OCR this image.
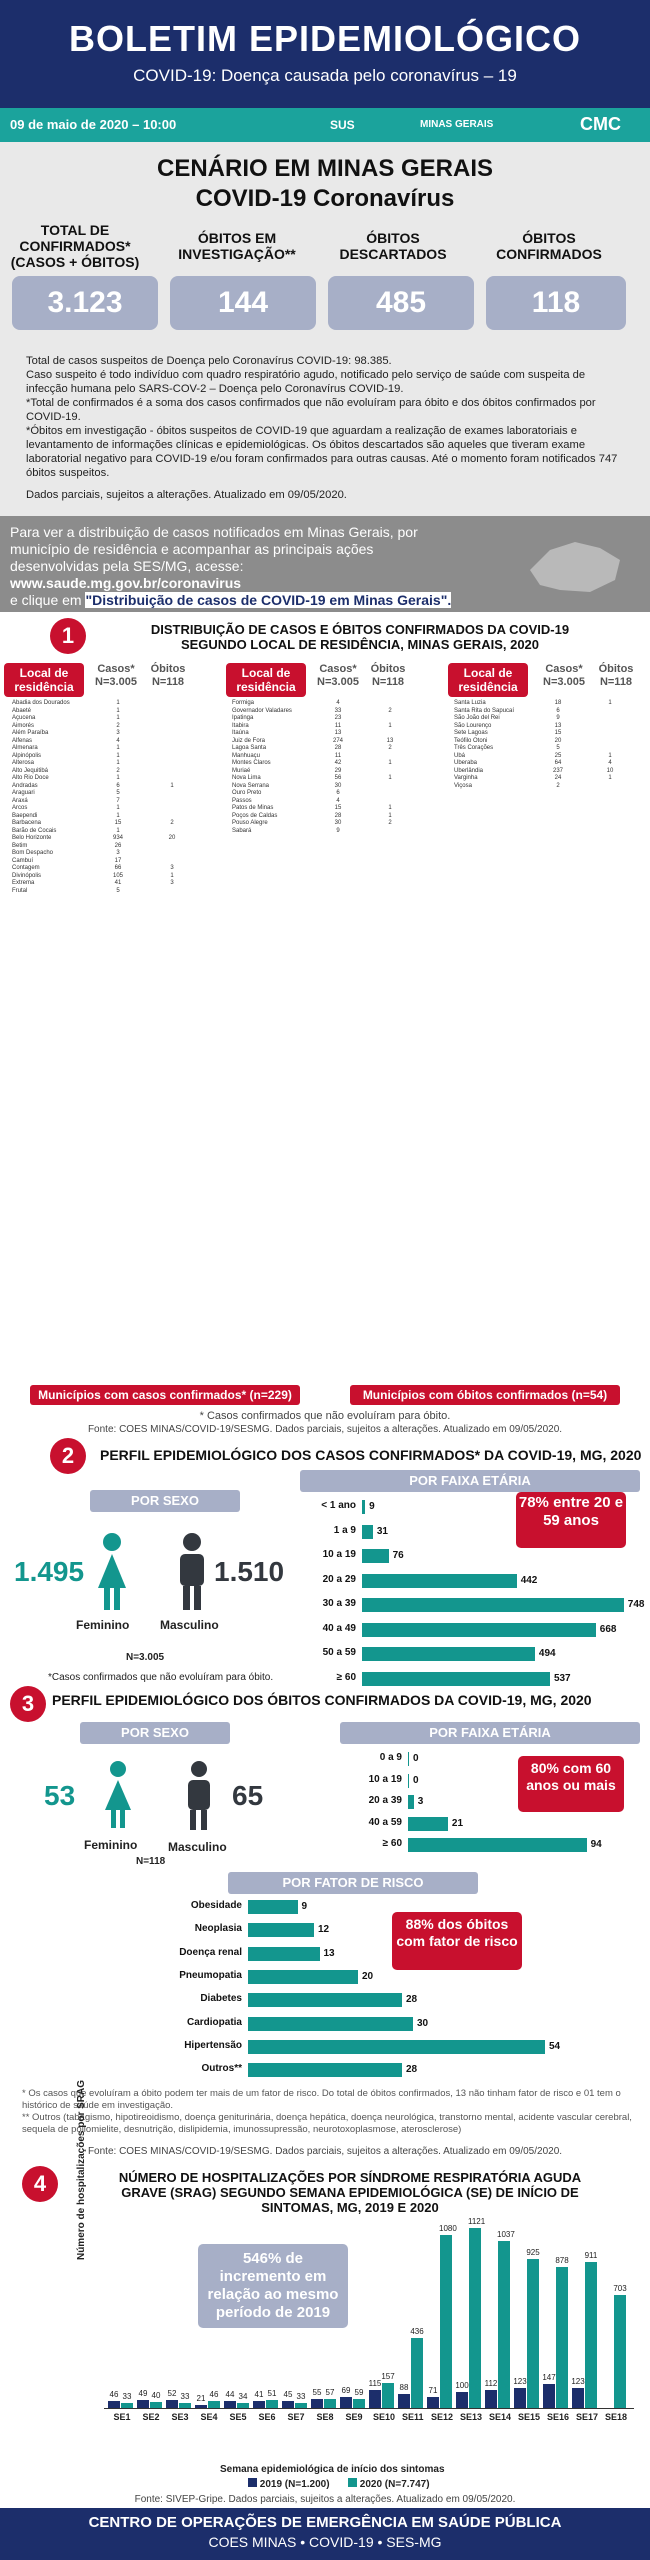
BOLETIM EPIDEMIOLÓGICO

COVID-19: Doença causada pelo coronavírus – 19

09 de maio de 2020 – 10:00	SUS	MINAS GERAIS	CMC
CENÁRIO EM MINAS GERAIS
COVID-19 Coronavírus
TOTAL DE CONFIRMADOS* (CASOS + ÓBITOS)
ÓBITOS EM INVESTIGAÇÃO**
ÓBITOS DESCARTADOS
ÓBITOS CONFIRMADOS
3.123	144	485	118

Total de casos suspeitos de Doença pelo Coronavírus COVID-19: 98.385.

Caso suspeito é todo indivíduo com quadro respiratório agudo, notificado pelo serviço de saúde com suspeita de infecção humana pelo SARS-COV-2 – Doença pelo Coronavírus COVID-19.

*Total de confirmados é a soma dos casos confirmados que não evoluíram para óbito e dos óbitos confirmados por COVID-19.

*Óbitos em investigação - óbitos suspeitos de COVID-19 que aguardam a realização de exames laboratoriais e levantamento de informações clínicas e epidemiológicas. Os óbitos descartados são aqueles que tiveram exame laboratorial negativo para COVID-19 e/ou foram confirmados para outras causas. Até o momento foram notificados 747 óbitos suspeitos.

Dados parciais, sujeitos a alterações. Atualizado em 09/05/2020.

Para ver a distribuição de casos notificados em Minas Gerais, por
município de residência e acompanhar as principais ações
desenvolvidas pela SES/MG, acesse:
www.saude.mg.gov.br/coronavirus
e clique em "Distribuição de casos de COVID-19 em Minas Gerais".

1	DISTRIBUIÇÃO DE CASOS E ÓBITOS CONFIRMADOS DA COVID-19
SEGUNDO LOCAL DE RESIDÊNCIA, MINAS GERAIS, 2020
Local de residência
Casos* N=3.005
Óbitos N=118
Local de residência
Casos* N=3.005
Óbitos N=118
Local de residência
Casos* N=3.005
Óbitos N=118
Abadia dos Dourados	1
Abaeté	1
Açucena	1
Aimorés	2
Além Paraíba	3
Alfenas	4
Almenara	1
Alpinópolis	1
Alterosa	1
Alto Jequitibá	2
Alto Rio Doce	1
Andradas	6	1
Araguari	5
Araxá	7
Arcos	1
Baependi	1
Barbacena	15	2
Barão de Cocais	1
Belo Horizonte	934	20
Betim	26
Bom Despacho	3
Cambuí	17
Contagem	66	3
Divinópolis	105	1
Extrema	41	3
Frutal	5
Formiga	4
Governador Valadares	33	2
Ipatinga	23
Itabira	11	1
Itaúna	13
Juiz de Fora	274	13
Lagoa Santa	28	2
Manhuaçu	11
Montes Claros	42	1
Muriaé	29
Nova Lima	56	1
Nova Serrana	30
Ouro Preto	6
Passos	4
Patos de Minas	15	1
Poços de Caldas	28	1
Pouso Alegre	30	2
Sabará	9
Santa Luzia	18	1
Santa Rita do Sapucaí	6
São João del Rei	9
São Lourenço	13
Sete Lagoas	15
Teófilo Otoni	20
Três Corações	5
Ubá	25	1
Uberaba	64	4
Uberlândia	237	10
Varginha	24	1
Viçosa	2
Municípios com casos confirmados* (n=229)	Municípios com óbitos confirmados (n=54)
* Casos confirmados que não evoluíram para óbito.
Fonte: COES MINAS/COVID-19/SESMG. Dados parciais, sujeitos a alterações. Atualizado em 09/05/2020.
2	PERFIL EPIDEMIOLÓGICO DOS CASOS CONFIRMADOS* DA COVID-19, MG, 2020
POR SEXO
POR FAIXA ETÁRIA
1.495	1.510
Feminino	Masculino
N=3.005
*Casos confirmados que não evoluíram para óbito.
< 1 ano 9
1 a 9 31
10 a 19	76
20 a 29	442
30 a 39	748
40 a 49	668
50 a 59	494
≥ 60	537
78% entre 20 e 59 anos
3	PERFIL EPIDEMIOLÓGICO DOS ÓBITOS CONFIRMADOS DA COVID-19, MG, 2020
POR SEXO	POR FAIXA ETÁRIA
53	65
Feminino	Masculino
N=118
0 a 9 0
10 a 19 0
20 a 39 3
40 a 59	21
≥ 60	94
80% com 60 anos ou mais
POR FATOR DE RISCO
Obesidade	9
Neoplasia	12
Doença renal	13
Pneumopatia	20
Diabetes	28
Cardiopatia	30
Hipertensão	54
Outros**	28
88% dos óbitos com fator de risco

* Os casos que evoluíram a óbito podem ter mais de um fator de risco. Do total de óbitos confirmados, 13 não tinham fator de risco e 01 tem o histórico de saúde em investigação.

** Outros (tabagismo, hipotireoidismo, doença geniturinária, doença hepática, doença neurológica, transtorno mental, acidente vascular cerebral, sequela de poliomielite, desnutrição, dislipidemia, imunossupressão, neurotoxoplasmose, aterosclerose)

Fonte: COES MINAS/COVID-19/SESMG. Dados parciais, sujeitos a alterações. Atualizado em 09/05/2020.
4	NÚMERO DE HOSPITALIZAÇÕES POR SÍNDROME RESPIRATÓRIA AGUDA
GRAVE (SRAG) SEGUNDO SEMANA EPIDEMIOLÓGICA (SE) DE INÍCIO DE
SINTOMAS, MG, 2019 E 2020
Número de hospitalizações por SRAG	546% de incremento em relação ao mesmo período de 2019
46 33
SE1
49 40
SE2
52 33
SE3
21 46
SE4
44 34
SE5
41 51
SE6
45 33
SE7
55 57
SE8
69 59
SE9
115
157
SE10
88
436
SE11
71
1080
SE12
100
1121
SE13
112
1037
SE14
123
925
SE15
147
878
SE16
123
911
SE17
703
SE18
2019 (N=1.200)	2020 (N=7.747)
Semana epidemiológica de início dos sintomas
Fonte: SIVEP-Gripe. Dados parciais, sujeitos a alterações. Atualizado em 09/05/2020.
CENTRO DE OPERAÇÕES DE EMERGÊNCIA EM SAÚDE PÚBLICA
COES MINAS • COVID-19 • SES-MG
